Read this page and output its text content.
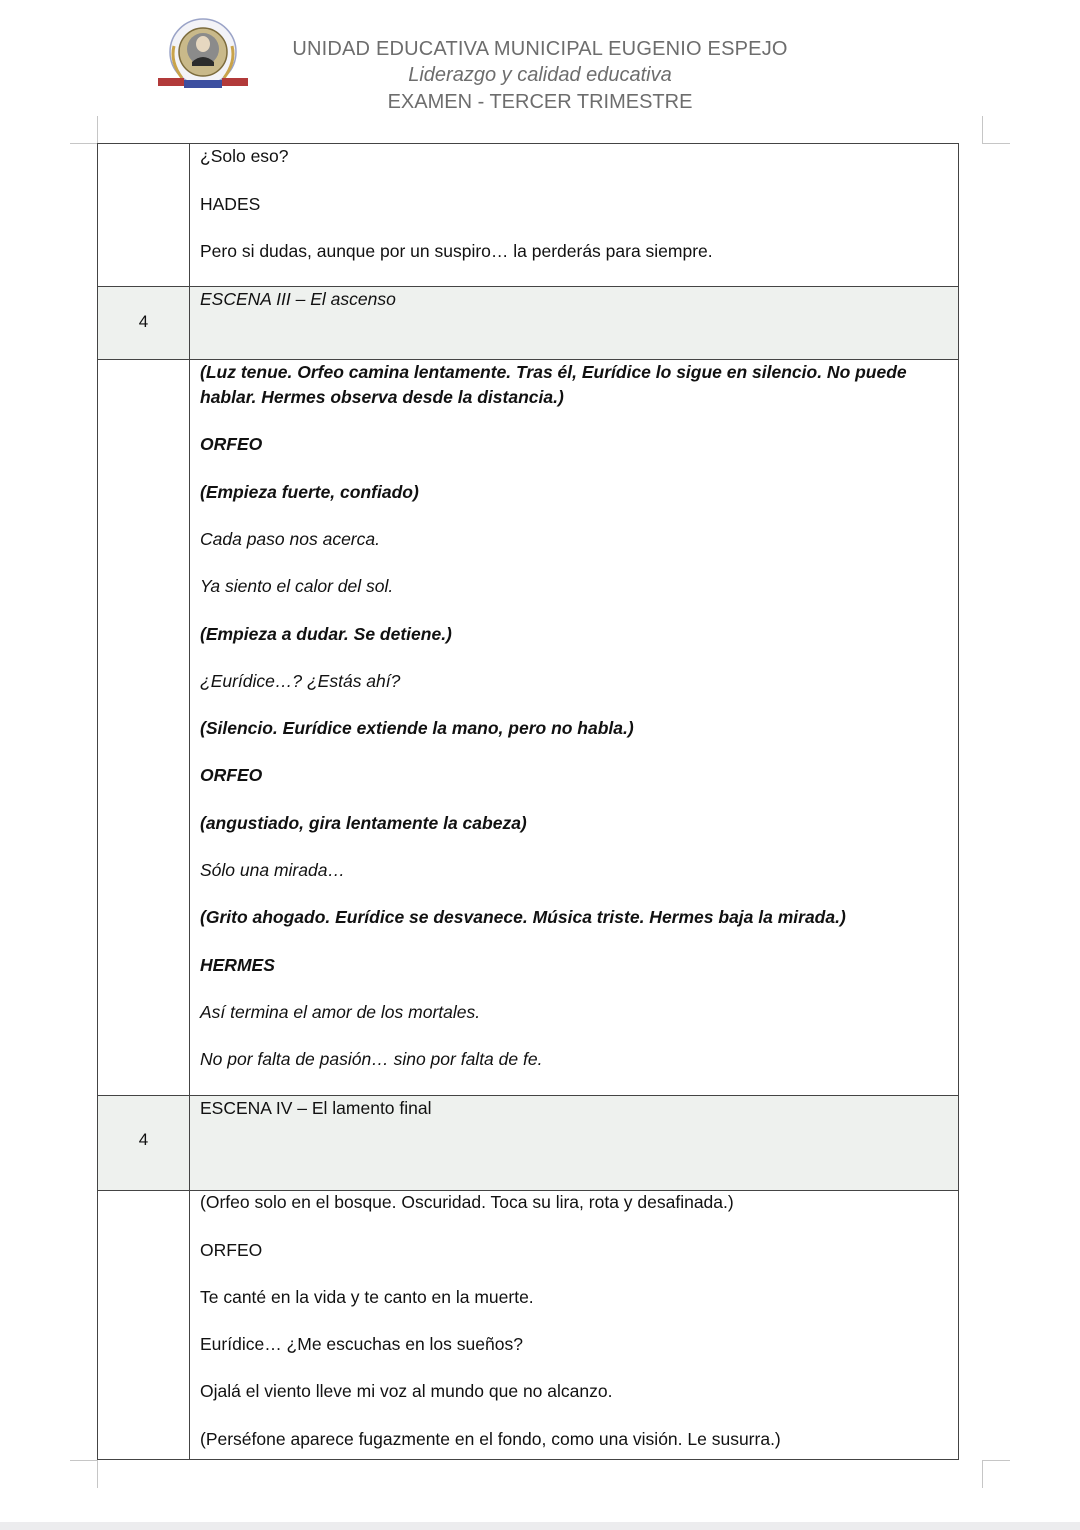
UNIDAD EDUCATIVA MUNICIPAL EUGENIO ESPEJO
Liderazgo y calidad educativa
EXAMEN - TERCER TRIMESTRE
¿Solo eso?
HADES
Pero si dudas, aunque por un suspiro… la perderás para siempre.
4
ESCENA III – El ascenso
(Luz tenue. Orfeo camina lentamente. Tras él, Eurídice lo sigue en silencio. No puede
hablar. Hermes observa desde la distancia.)
ORFEO
(Empieza fuerte, confiado)
Cada paso nos acerca.
Ya siento el calor del sol.
(Empieza a dudar. Se detiene.)
¿Eurídice…? ¿Estás ahí?
(Silencio. Eurídice extiende la mano, pero no habla.)
ORFEO
(angustiado, gira lentamente la cabeza)
Sólo una mirada…
(Grito ahogado. Eurídice se desvanece. Música triste. Hermes baja la mirada.)
HERMES
Así termina el amor de los mortales.
No por falta de pasión… sino por falta de fe.
4
ESCENA IV – El lamento final
(Orfeo solo en el bosque. Oscuridad. Toca su lira, rota y desafinada.)
ORFEO
Te canté en la vida y te canto en la muerte.
Eurídice… ¿Me escuchas en los sueños?
Ojalá el viento lleve mi voz al mundo que no alcanzo.
(Perséfone aparece fugazmente en el fondo, como una visión. Le susurra.)
